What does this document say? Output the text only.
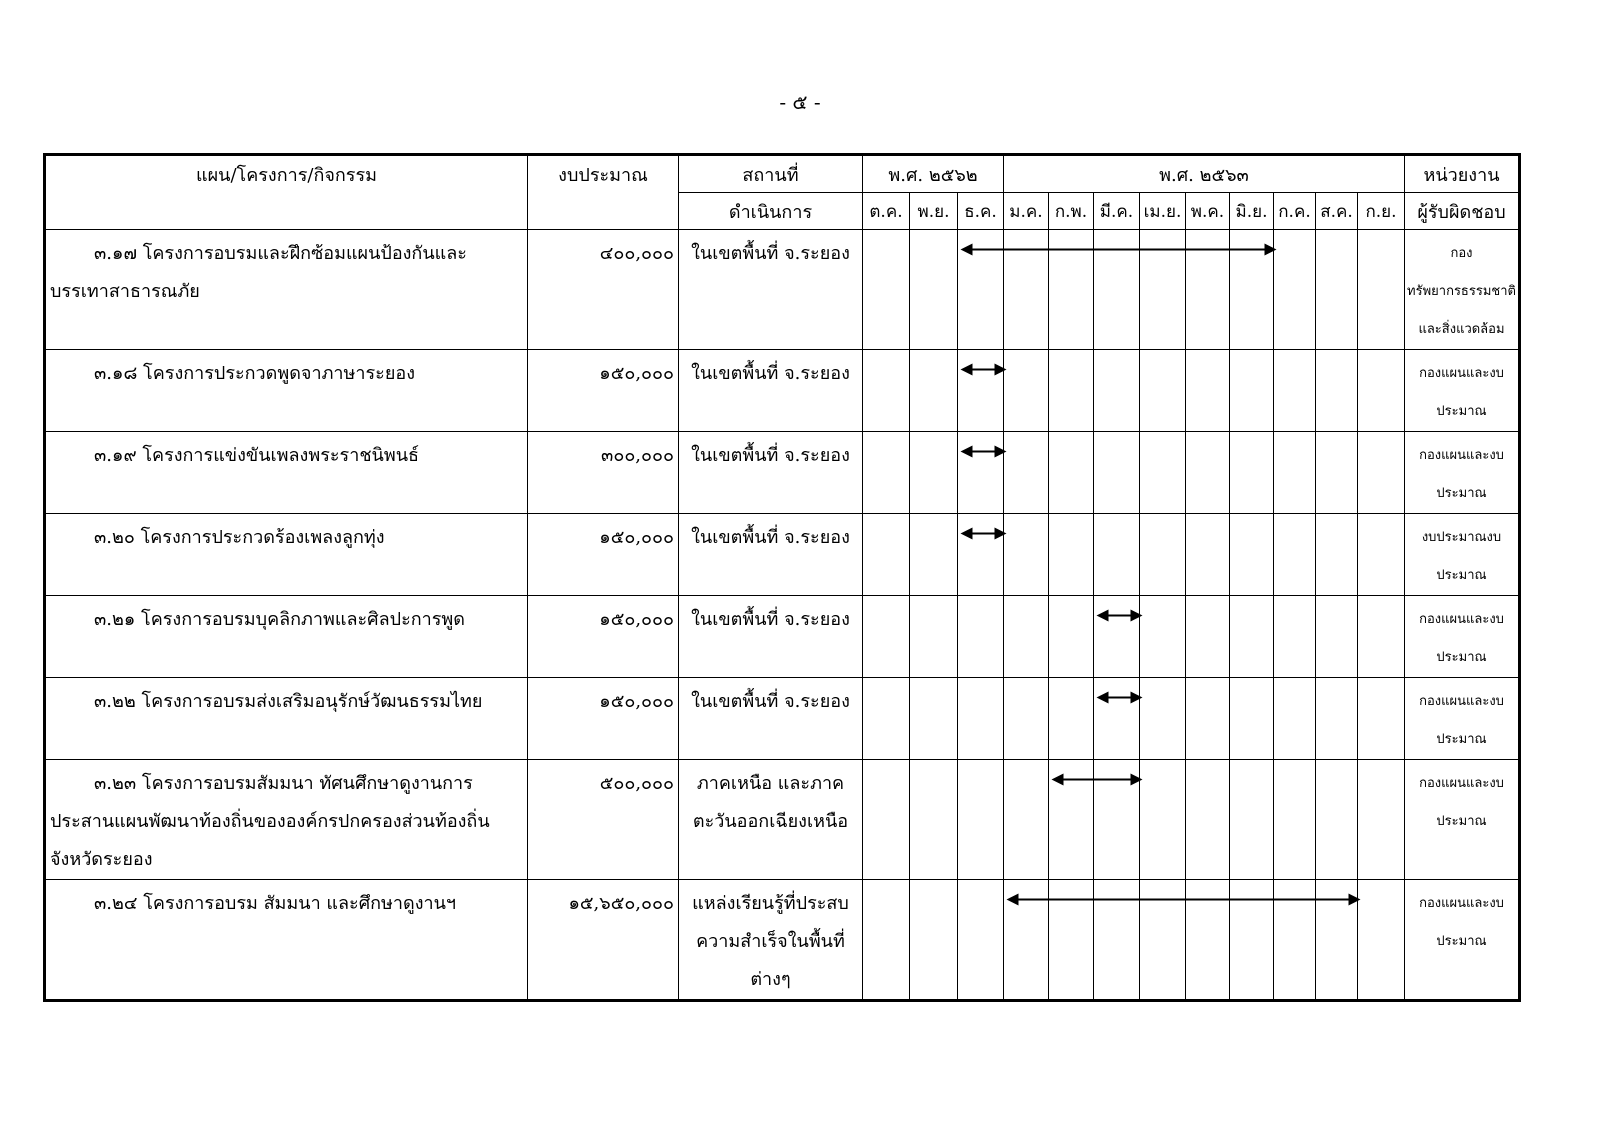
- ๕ -
แผน/โครงการ/กิจกรรม	งบประมาณ	สถานที่	พ.ศ. ๒๕๖๒			พ.ศ. ๒๕๖๓									หน่วยงาน
		ดำเนินการ	ต.ค.	พ.ย.	ธ.ค.	ม.ค.	ก.พ.	มี.ค.	เม.ย.	พ.ค.	มิ.ย.	ก.ค.	ส.ค.	ก.ย.	ผู้รับผิดชอบ

๓.๑๗ โครงการอบรมและฝึกซ้อมแผนป้องกันและบรรเทาสาธารณภัย	๔๐๐,๐๐๐	ในเขตพื้นที่ จ.ระยอง													กองทรัพยากรธรรมชาติและสิ่งแวดล้อม

๓.๑๘ โครงการประกวดพูดจาภาษาระยอง	๑๕๐,๐๐๐	ในเขตพื้นที่ จ.ระยอง													กองแผนและงบประมาณ

๓.๑๙ โครงการแข่งขันเพลงพระราชนิพนธ์	๓๐๐,๐๐๐	ในเขตพื้นที่ จ.ระยอง													กองแผนและงบประมาณ

๓.๒๐ โครงการประกวดร้องเพลงลูกทุ่ง	๑๕๐,๐๐๐	ในเขตพื้นที่ จ.ระยอง													งบประมาณงบประมาณ

๓.๒๑ โครงการอบรมบุคลิกภาพและศิลปะการพูด	๑๕๐,๐๐๐	ในเขตพื้นที่ จ.ระยอง													กองแผนและงบประมาณ

๓.๒๒ โครงการอบรมส่งเสริมอนุรักษ์วัฒนธรรมไทย	๑๕๐,๐๐๐	ในเขตพื้นที่ จ.ระยอง													กองแผนและงบประมาณ

๓.๒๓ โครงการอบรมสัมมนา ทัศนศึกษาดูงานการประสานแผนพัฒนาท้องถิ่นขององค์กรปกครองส่วนท้องถิ่นจังหวัดระยอง	๕๐๐,๐๐๐	ภาคเหนือ และภาคตะวันออกเฉียงเหนือ													กองแผนและงบประมาณ

๓.๒๔ โครงการอบรม สัมมนา และศึกษาดูงานฯ	๑๕,๖๕๐,๐๐๐	แหล่งเรียนรู้ที่ประสบความสำเร็จในพื้นที่ต่างๆ													กองแผนและงบประมาณ
